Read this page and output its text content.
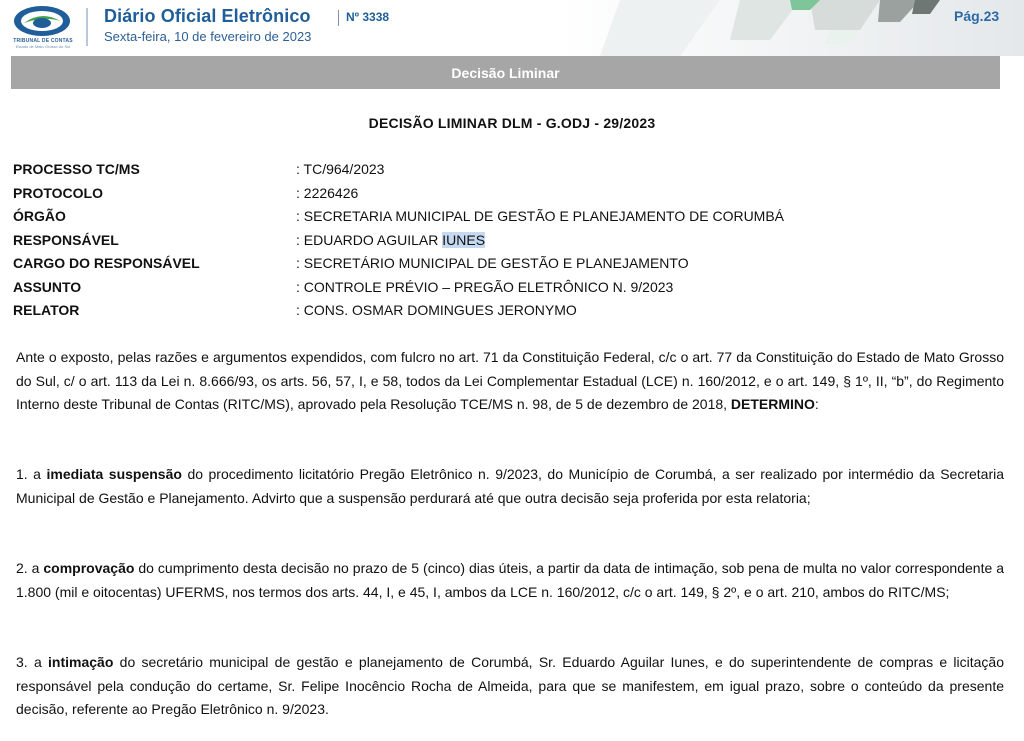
TRIBUNAL DE CONTAS
Estado de Mato Grosso do Sul
Diário Oficial Eletrônico	Nº 3338
Sexta-feira, 10 de fevereiro de 2023
Pág.23
Decisão Liminar
DECISÃO LIMINAR DLM - G.ODJ - 29/2023
PROCESSO TC/MS	: TC/964/2023
PROTOCOLO	: 2226426
ÓRGÃO	: SECRETARIA MUNICIPAL DE GESTÃO E PLANEJAMENTO DE CORUMBÁ
RESPONSÁVEL	: EDUARDO AGUILAR IUNES
CARGO DO RESPONSÁVEL	: SECRETÁRIO MUNICIPAL DE GESTÃO E PLANEJAMENTO
ASSUNTO	: CONTROLE PRÉVIO – PREGÃO ELETRÔNICO N. 9/2023
RELATOR	: CONS. OSMAR DOMINGUES JERONYMO

Ante o exposto, pelas razões e argumentos expendidos, com fulcro no art. 71 da Constituição Federal, c/c o art. 77 da Constituição do Estado de Mato Grosso do Sul, c/ o art. 113 da Lei n. 8.666/93, os arts. 56, 57, I, e 58, todos da Lei Complementar Estadual (LCE) n. 160/2012, e o art. 149, § 1º, II, “b”, do Regimento Interno deste Tribunal de Contas (RITC/MS), aprovado pela Resolução TCE/MS n. 98, de 5 de dezembro de 2018, DETERMINO:

1. a imediata suspensão do procedimento licitatório Pregão Eletrônico n. 9/2023, do Município de Corumbá, a ser realizado por intermédio da Secretaria Municipal de Gestão e Planejamento. Advirto que a suspensão perdurará até que outra decisão seja proferida por esta relatoria;

2. a comprovação do cumprimento desta decisão no prazo de 5 (cinco) dias úteis, a partir da data de intimação, sob pena de multa no valor correspondente a 1.800 (mil e oitocentas) UFERMS, nos termos dos arts. 44, I, e 45, I, ambos da LCE n. 160/2012, c/c o art. 149, § 2º, e o art. 210, ambos do RITC/MS;

3. a intimação do secretário municipal de gestão e planejamento de Corumbá, Sr. Eduardo Aguilar Iunes, e do superintendente de compras e licitação responsável pela condução do certame, Sr. Felipe Inocêncio Rocha de Almeida, para que se manifestem, em igual prazo, sobre o conteúdo da presente decisão, referente ao Pregão Eletrônico n. 9/2023.
